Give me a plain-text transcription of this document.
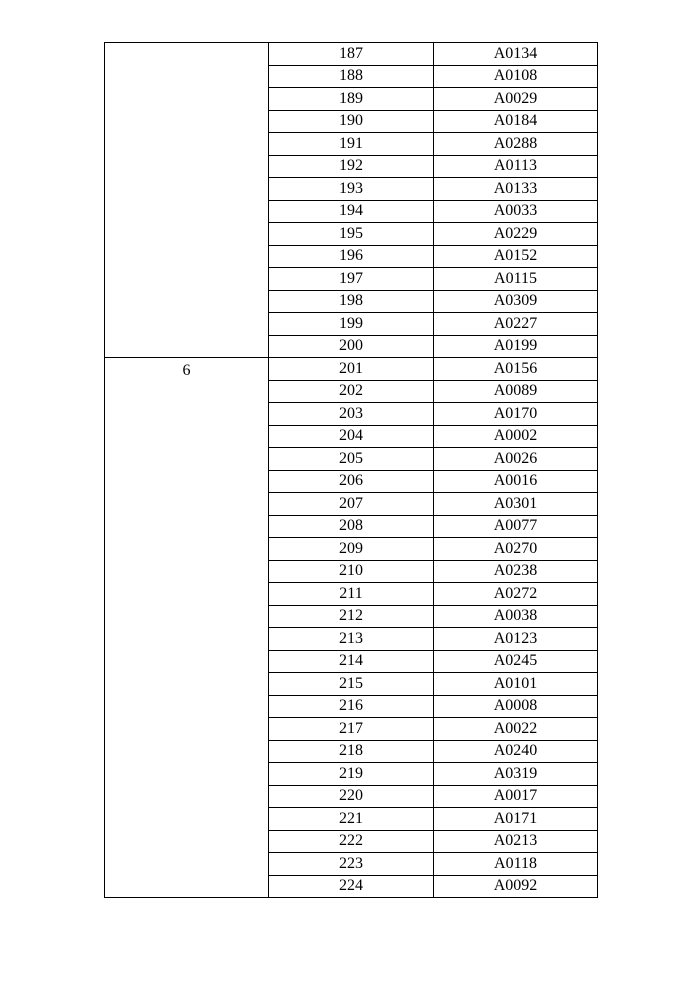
	187	A0134
	188	A0108
	189	A0029
	190	A0184
	191	A0288
	192	A0113
	193	A0133
	194	A0033
	195	A0229
	196	A0152
	197	A0115
	198	A0309
	199	A0227
	200	A0199
6	201	A0156
	202	A0089
	203	A0170
	204	A0002
	205	A0026
	206	A0016
	207	A0301
	208	A0077
	209	A0270
	210	A0238
	211	A0272
	212	A0038
	213	A0123
	214	A0245
	215	A0101
	216	A0008
	217	A0022
	218	A0240
	219	A0319
	220	A0017
	221	A0171
	222	A0213
	223	A0118
	224	A0092
